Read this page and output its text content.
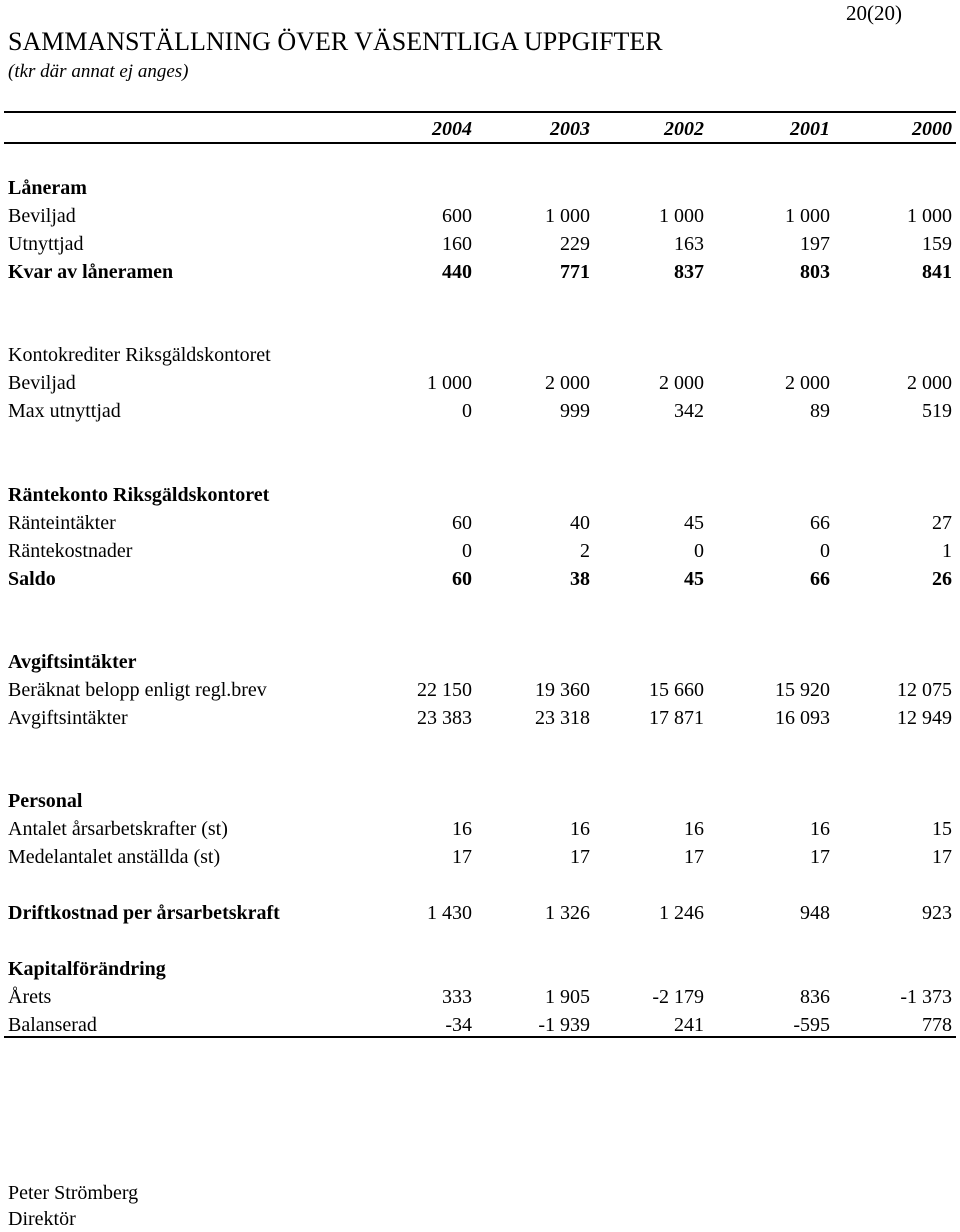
20(20)
SAMMANSTÄLLNING ÖVER VÄSENTLIGA UPPGIFTER
(tkr där annat ej anges)
2004	2003	2002	2001	2000
Låneram
Beviljad	600	1 000	1 000	1 000	1 000
Utnyttjad	160	229	163	197	159
Kvar av låneramen	440	771	837	803	841
Kontokrediter Riksgäldskontoret
Beviljad	1 000	2 000	2 000	2 000	2 000
Max utnyttjad	0	999	342	89	519
Räntekonto Riksgäldskontoret
Ränteintäkter	60	40	45	66	27
Räntekostnader	0	2	0	0	1
Saldo	60	38	45	66	26
Avgiftsintäkter
Beräknat belopp enligt regl.brev	22 150	19 360	15 660	15 920	12 075
Avgiftsintäkter	23 383	23 318	17 871	16 093	12 949
Personal
Antalet årsarbetskrafter (st)	16	16	16	16	15
Medelantalet anställda (st)	17	17	17	17	17
Driftkostnad per årsarbetskraft	1 430	1 326	1 246	948	923
Kapitalförändring
Årets	333	1 905	-2 179	836	-1 373
Balanserad	-34	-1 939	241	-595	778
Peter Strömberg
Direktör
